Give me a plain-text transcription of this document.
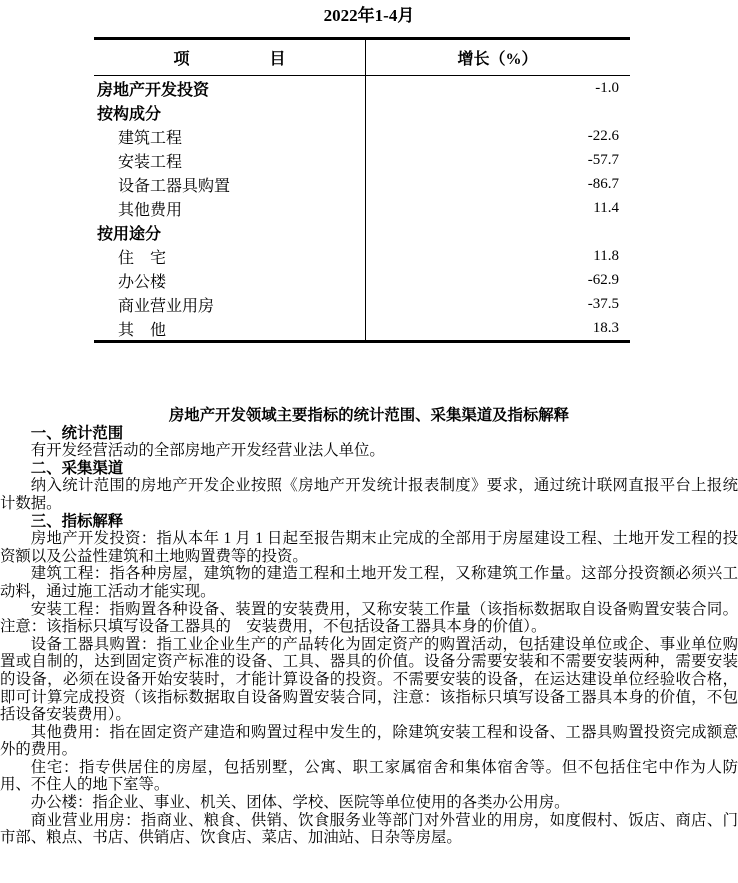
2022年1-4月
项　　　　　目	增长（%）
房地产开发投资	-1.0
按构成分
建筑工程	-22.6
安装工程	-57.7
设备工器具购置	-86.7
其他费用	11.4
按用途分
住　宅	11.8
办公楼	-62.9
商业营业用房	-37.5
其　他	18.3

房地产开发领域主要指标的统计范围、采集渠道及指标解释

一、统计范围

有开发经营活动的全部房地产开发经营业法人单位。

二、采集渠道

纳入统计范围的房地产开发企业按照《房地产开发统计报表制度》要求，通过统计联网直报平台上报统计数据。

三、指标解释

房地产开发投资：指从本年 1 月 1 日起至报告期末止完成的全部用于房屋建设工程、土地开发工程的投资额以及公益性建筑和土地购置费等的投资。

建筑工程：指各种房屋，建筑物的建造工程和土地开发工程，又称建筑工作量。这部分投资额必须兴工动料，通过施工活动才能实现。

安装工程：指购置各种设备、装置的安装费用，又称安装工作量（该指标数据取自设备购置安装合同。注意：该指标只填写设备工器具的　安装费用，不包括设备工器具本身的价值）。

设备工器具购置：指工业企业生产的产品转化为固定资产的购置活动，包括建设单位或企、事业单位购置或自制的，达到固定资产标准的设备、工具、器具的价值。设备分需要安装和不需要安装两种，需要安装的设备，必须在设备开始安装时，才能计算设备的投资。不需要安装的设备，在运达建设单位经验收合格，即可计算完成投资（该指标数据取自设备购置安装合同，注意：该指标只填写设备工器具本身的价值，不包括设备安装费用）。

其他费用：指在固定资产建造和购置过程中发生的，除建筑安装工程和设备、工器具购置投资完成额意外的费用。

住宅：指专供居住的房屋，包括别墅，公寓、职工家属宿舍和集体宿舍等。但不包括住宅中作为人防用、不住人的地下室等。

办公楼：指企业、事业、机关、团体、学校、医院等单位使用的各类办公用房。

商业营业用房：指商业、粮食、供销、饮食服务业等部门对外营业的用房，如度假村、饭店、商店、门市部、粮点、书店、供销店、饮食店、菜店、加油站、日杂等房屋。
